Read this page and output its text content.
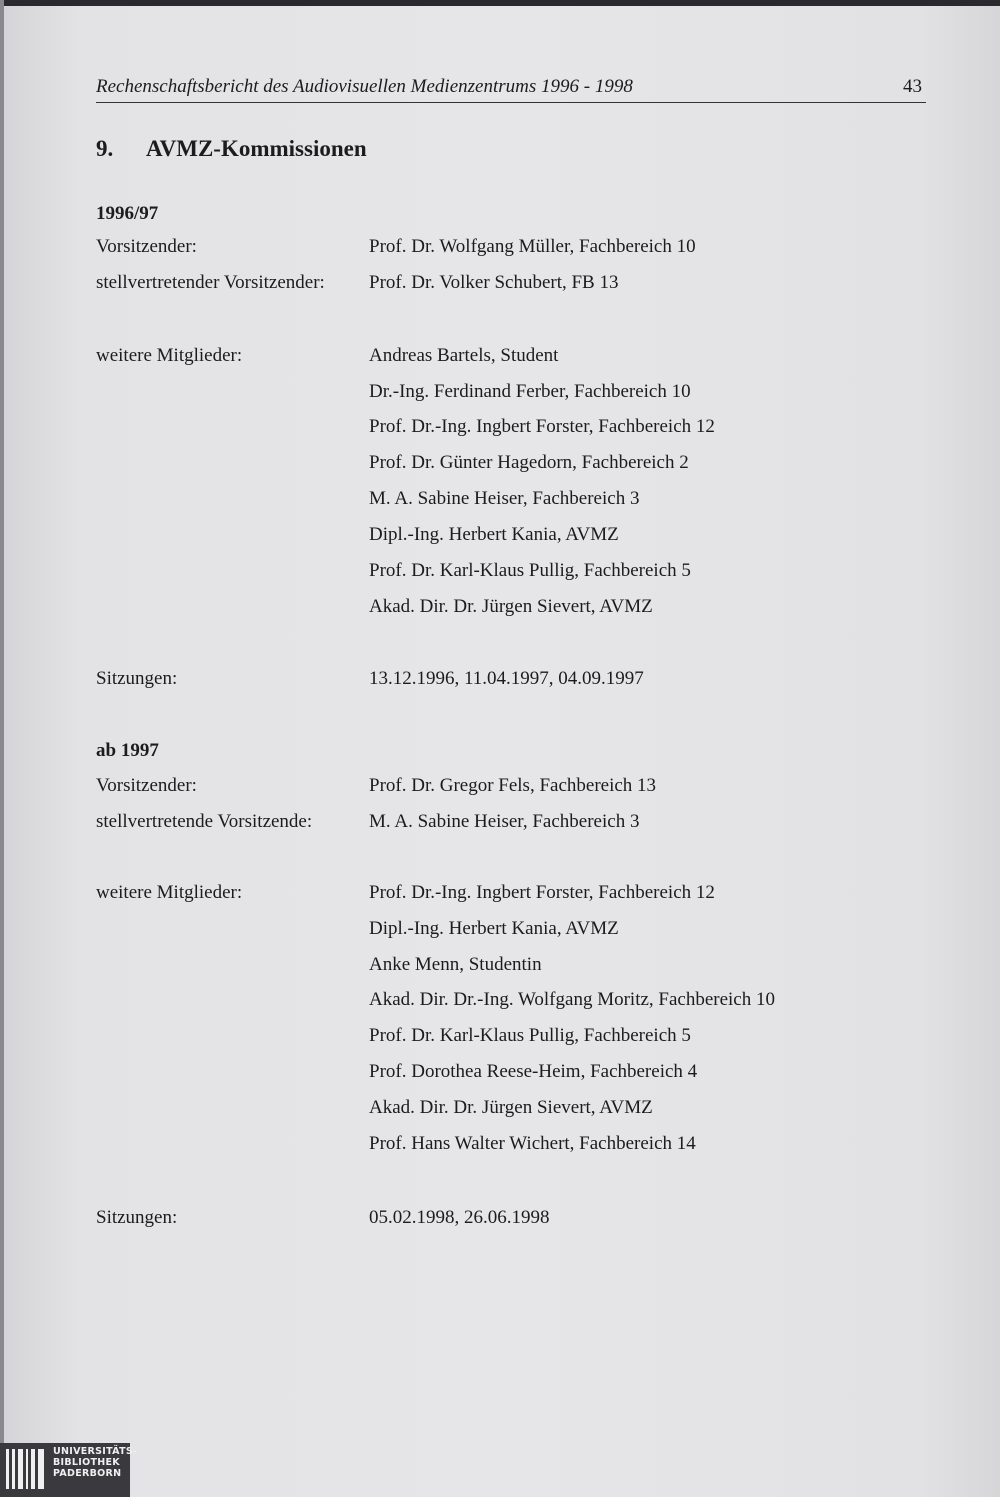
Rechenschaftsbericht des Audiovisuellen Medienzentrums 1996 - 1998	43
9. AVMZ-Kommissionen
1996/97
Vorsitzender:	Prof. Dr. Wolfgang Müller, Fachbereich 10
stellvertretender Vorsitzender: Prof. Dr. Volker Schubert, FB 13
weitere Mitglieder:	Andreas Bartels, Student
Dr.-Ing. Ferdinand Ferber, Fachbereich 10
Prof. Dr.-Ing. Ingbert Forster, Fachbereich 12
Prof. Dr. Günter Hagedorn, Fachbereich 2
M. A. Sabine Heiser, Fachbereich 3
Dipl.-Ing. Herbert Kania, AVMZ
Prof. Dr. Karl-Klaus Pullig, Fachbereich 5
Akad. Dir. Dr. Jürgen Sievert, AVMZ
Sitzungen:	13.12.1996, 11.04.1997, 04.09.1997
ab 1997
Vorsitzender:	Prof. Dr. Gregor Fels, Fachbereich 13
stellvertretende Vorsitzende:	M. A. Sabine Heiser, Fachbereich 3
weitere Mitglieder:	Prof. Dr.-Ing. Ingbert Forster, Fachbereich 12
Dipl.-Ing. Herbert Kania, AVMZ
Anke Menn, Studentin
Akad. Dir. Dr.-Ing. Wolfgang Moritz, Fachbereich 10
Prof. Dr. Karl-Klaus Pullig, Fachbereich 5
Prof. Dorothea Reese-Heim, Fachbereich 4
Akad. Dir. Dr. Jürgen Sievert, AVMZ
Prof. Hans Walter Wichert, Fachbereich 14
Sitzungen:	05.02.1998, 26.06.1998
UNIVERSITÄTS-
BIBLIOTHEK
PADERBORN
